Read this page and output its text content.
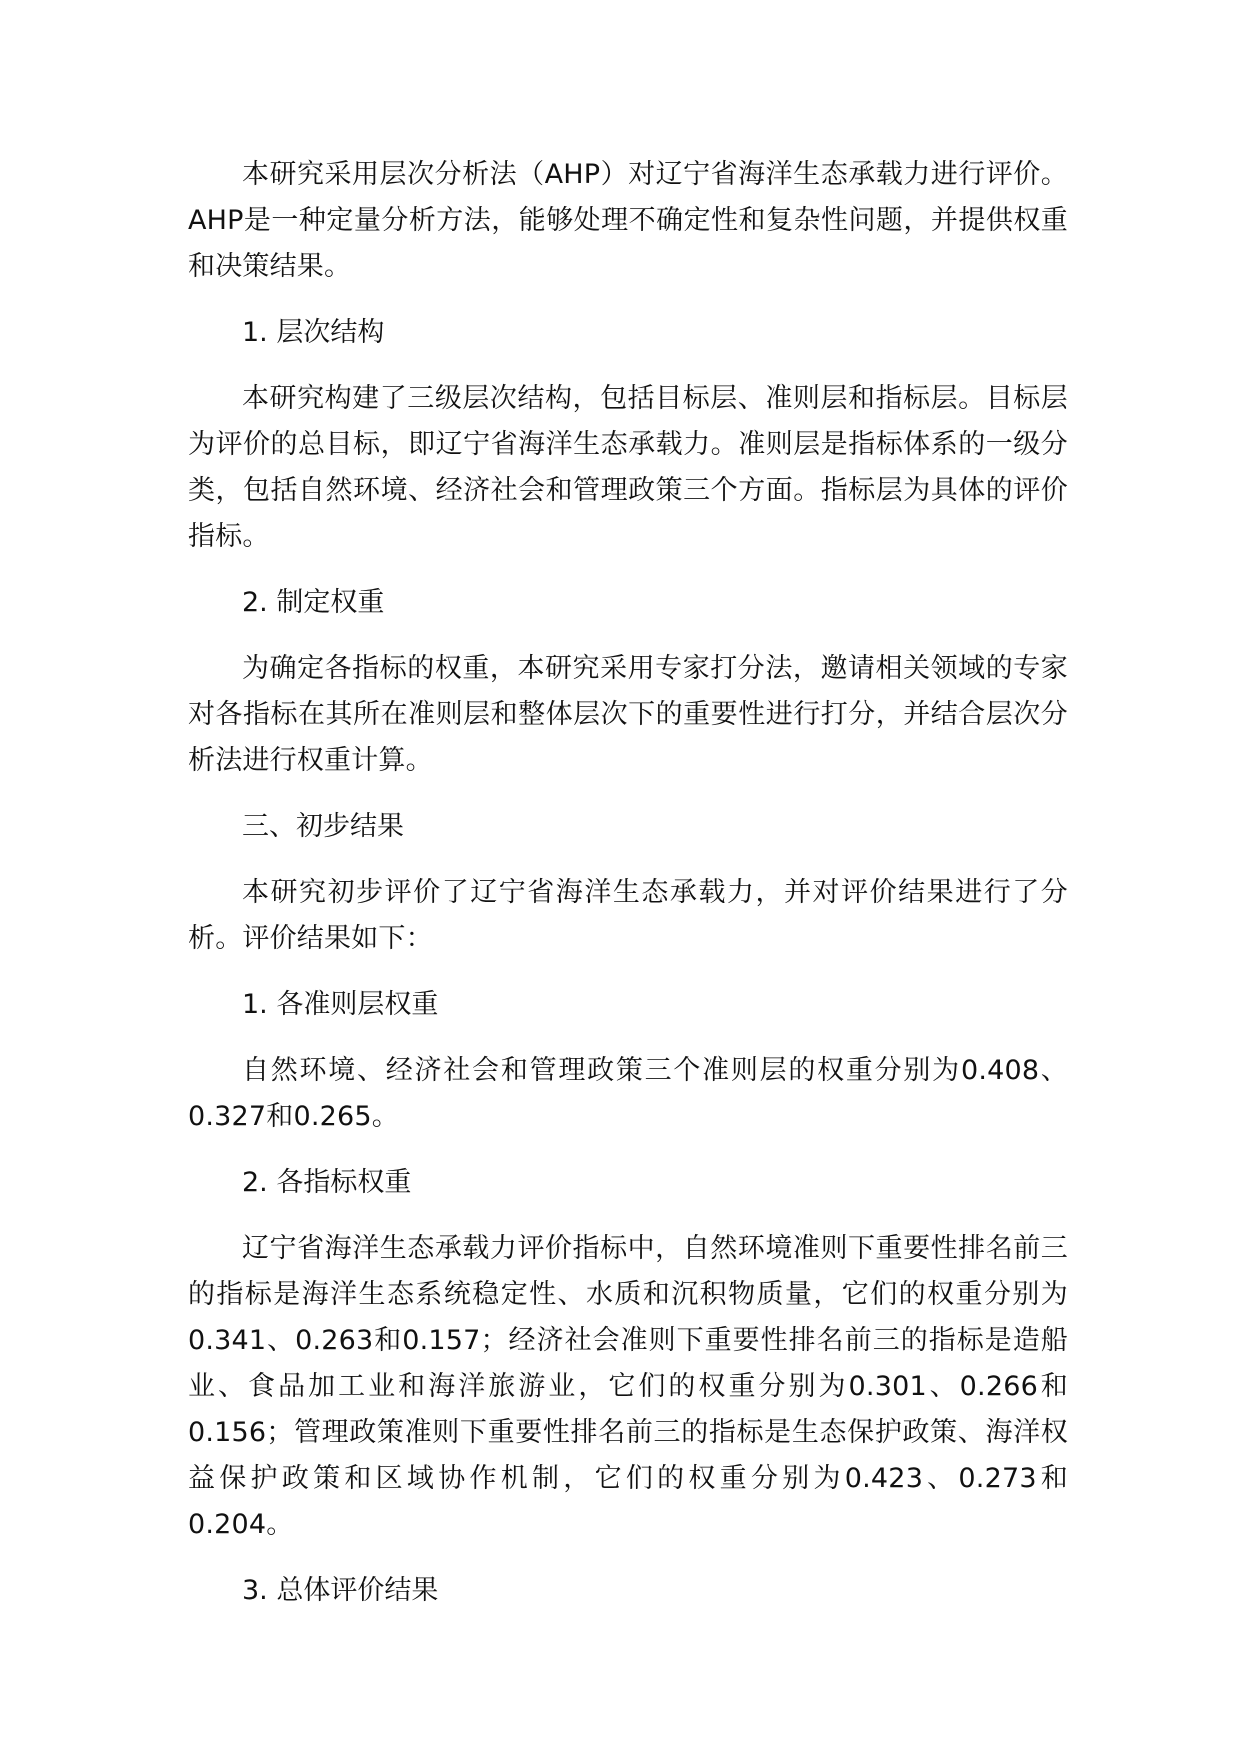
本研究采用层次分析法（AHP）对辽宁省海洋生态承载力进行评价。AHP是一种定量分析方法，能够处理不确定性和复杂性问题，并提供权重和决策结果。

1. 层次结构

本研究构建了三级层次结构，包括目标层、准则层和指标层。目标层为评价的总目标，即辽宁省海洋生态承载力。准则层是指标体系的一级分类，包括自然环境、经济社会和管理政策三个方面。指标层为具体的评价指标。

2. 制定权重

为确定各指标的权重，本研究采用专家打分法，邀请相关领域的专家对各指标在其所在准则层和整体层次下的重要性进行打分，并结合层次分析法进行权重计算。

三、初步结果

本研究初步评价了辽宁省海洋生态承载力，并对评价结果进行了分析。评价结果如下：

1. 各准则层权重

自然环境、经济社会和管理政策三个准则层的权重分别为0.408、0.327和0.265。

2. 各指标权重

辽宁省海洋生态承载力评价指标中，自然环境准则下重要性排名前三的指标是海洋生态系统稳定性、水质和沉积物质量，它们的权重分别为0.341、0.263和0.157；经济社会准则下重要性排名前三的指标是造船业、食品加工业和海洋旅游业，它们的权重分别为0.301、0.266和0.156；管理政策准则下重要性排名前三的指标是生态保护政策、海洋权益保护政策和区域协作机制，它们的权重分别为0.423、0.273和0.204。

3. 总体评价结果
